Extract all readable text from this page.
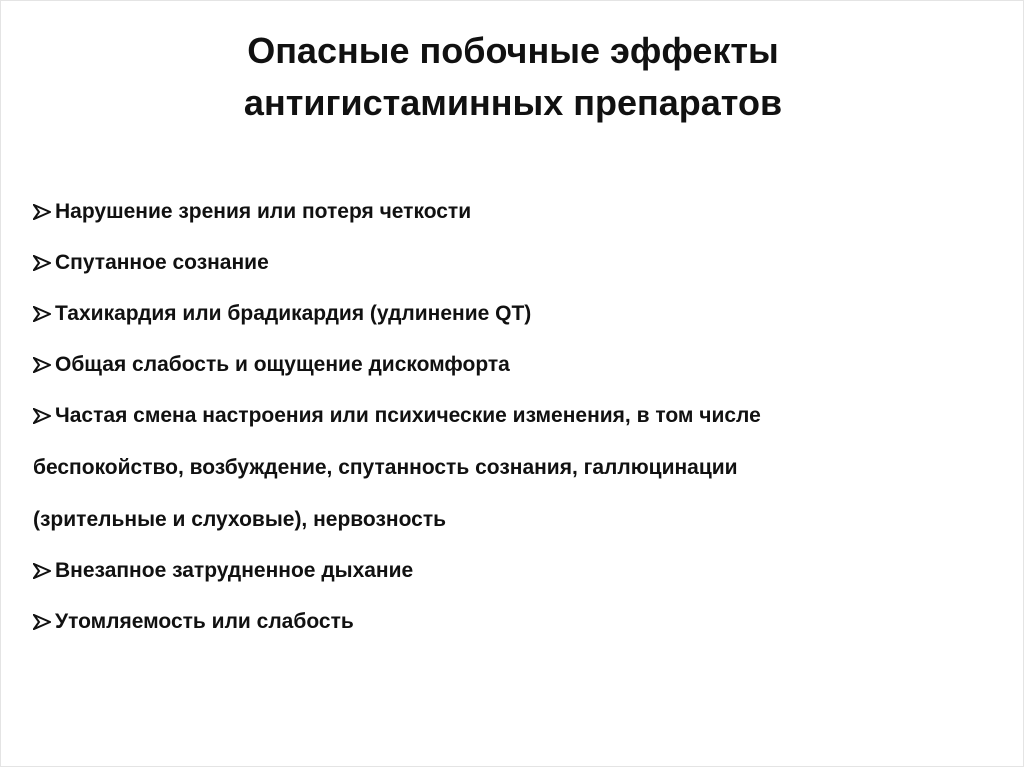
Опасные побочные эффекты
антигистаминных препаратов
Нарушение зрения или потеря четкости
Спутанное сознание
Тахикардия или брадикардия (удлинение QT)
Общая слабость и ощущение дискомфорта
Частая смена настроения или психические изменения, в том числе
беспокойство, возбуждение, спутанность сознания, галлюцинации
(зрительные и слуховые), нервозность
Внезапное затрудненное дыхание
Утомляемость или слабость
